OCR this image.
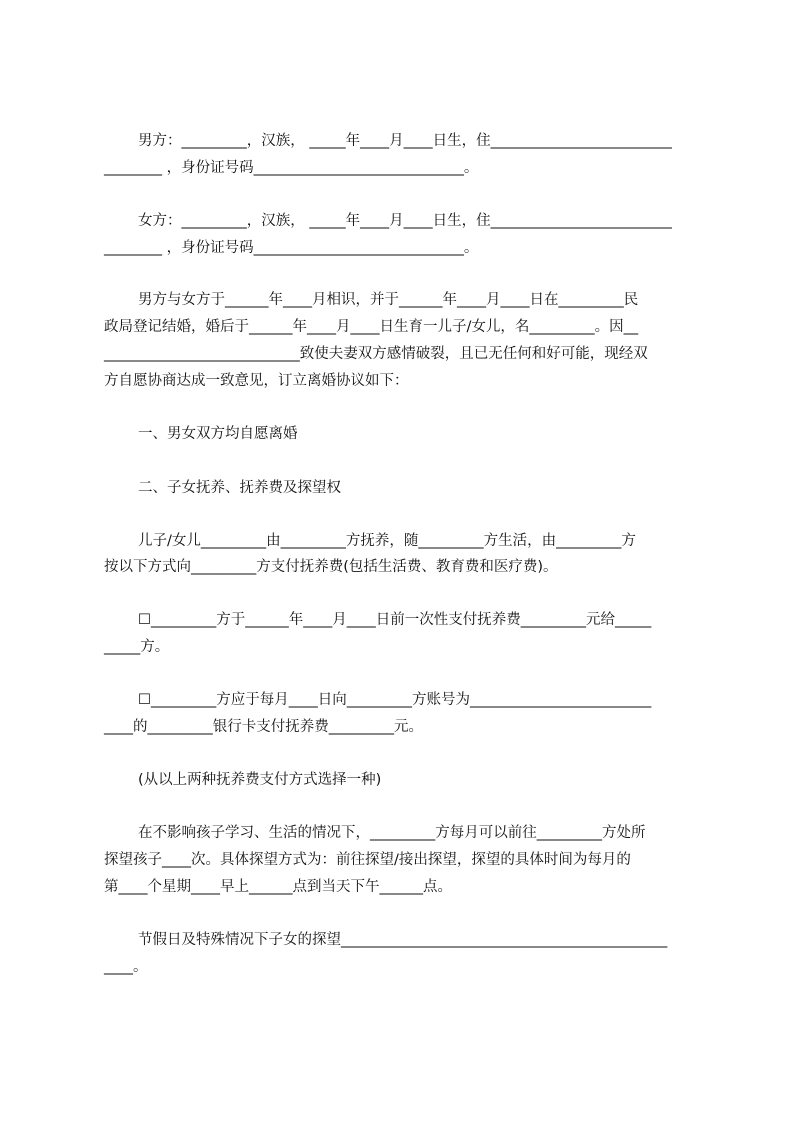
男方：_________，汉族， _____年____月____日生，住_________________________

________ ，身份证号码_____________________________。

女方：_________，汉族， _____年____月____日生，住_________________________

________ ，身份证号码_____________________________。

男方与女方于______年____月相识，并于______年____月____日在_________民

政局登记结婚，婚后于______年____月____日生育一儿子/女儿，名_________。因__

___________________________致使夫妻双方感情破裂，且已无任何和好可能，现经双

方自愿协商达成一致意见，订立离婚协议如下：

一、男女双方均自愿离婚

二、子女抚养、抚养费及探望权

儿子/女儿_________由_________方抚养，随_________方生活，由_________方

按以下方式向_________方支付抚养费(包括生活费、教育费和医疗费)。

☐_________方于______年____月____日前一次性支付抚养费_________元给_____

_____方。

☐_________方应于每月____日向_________方账号为_________________________

____的_________银行卡支付抚养费_________元。

(从以上两种抚养费支付方式选择一种)

在不影响孩子学习、生活的情况下，_________方每月可以前往_________方处所

探望孩子____次。具体探望方式为：前往探望/接出探望，探望的具体时间为每月的

第____个星期____早上______点到当天下午______点。

节假日及特殊情况下子女的探望_____________________________________________

____。
